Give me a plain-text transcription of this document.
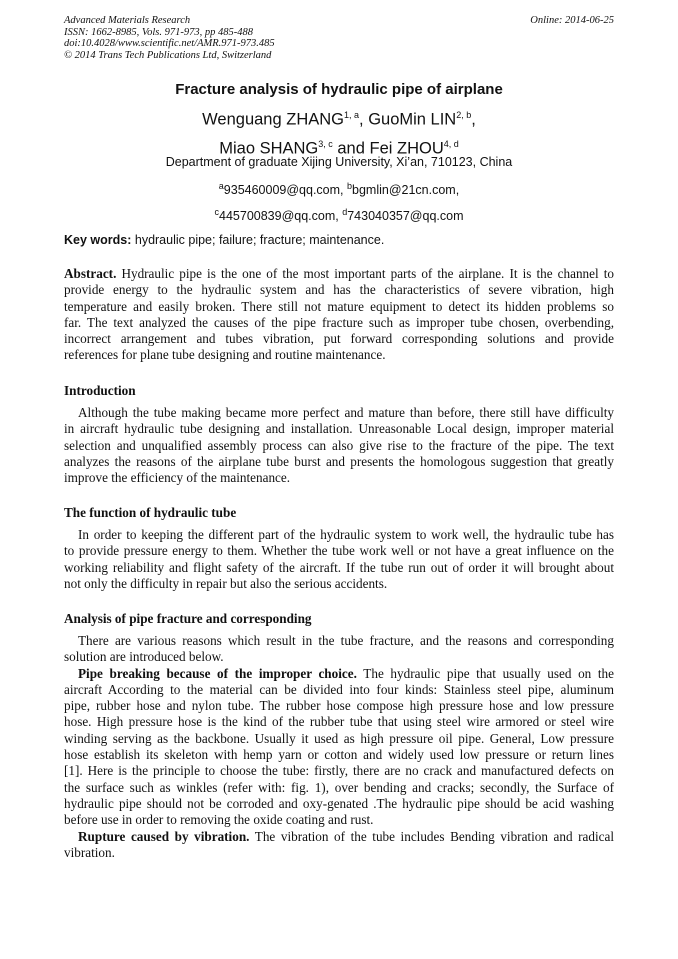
Advanced Materials Research
ISSN: 1662-8985, Vols. 971-973, pp 485-488
doi:10.4028/www.scientific.net/AMR.971-973.485
© 2014 Trans Tech Publications Ltd, Switzerland
Online: 2014-06-25
Fracture analysis of hydraulic pipe of airplane
Wenguang ZHANG$^{1, a}$, GuoMin LIN$^{2, b}$,
Miao SHANG$^{3, c}$ and Fei ZHOU$^{4, d}$
Department of graduate Xijing University, Xi’an, 710123, China
$^a$935460009@qq.com, $^b$bgmlin@21cn.com,
$^c$445700839@qq.com, $^d$743040357@qq.com
Key words: hydraulic pipe; failure; fracture; maintenance.
Abstract. Hydraulic pipe is the one of the most important parts of the airplane. It is the channel to
provide energy to the hydraulic system and has the characteristics of severe vibration, high
temperature and easily broken. There still not mature equipment to detect its hidden problems so
far. The text analyzed the causes of the pipe fracture such as improper tube chosen, overbending,
incorrect arrangement and tubes vibration, put forward corresponding solutions and provide
references for plane tube designing and routine maintenance.
Introduction
Although the tube making became more perfect and mature than before, there still have difficulty
in aircraft hydraulic tube designing and installation. Unreasonable Local design, improper material
selection and unqualified assembly process can also give rise to the fracture of the pipe. The text
analyzes the reasons of the airplane tube burst and presents the homologous suggestion that greatly
improve the efficiency of the maintenance.
The function of hydraulic tube
In order to keeping the different part of the hydraulic system to work well, the hydraulic tube has
to provide pressure energy to them. Whether the tube work well or not have a great influence on the
working reliability and flight safety of the aircraft. If the tube run out of order it will brought about
not only the difficulty in repair but also the serious accidents.
Analysis of pipe fracture and corresponding
There are various reasons which result in the tube fracture, and the reasons and corresponding
solution are introduced below.
Pipe breaking because of the improper choice. The hydraulic pipe that usually used on the
aircraft According to the material can be divided into four kinds: Stainless steel pipe, aluminum
pipe, rubber hose and nylon tube. The rubber hose compose high pressure hose and low pressure
hose. High pressure hose is the kind of the rubber tube that using steel wire armored or steel wire
winding serving as the backbone. Usually it used as high pressure oil pipe. General, Low pressure
hose establish its skeleton with hemp yarn or cotton and widely used low pressure or return lines
[1]. Here is the principle to choose the tube: firstly, there are no crack and manufactured defects on
the surface such as winkles (refer with: fig. 1), over bending and cracks; secondly, the Surface of
hydraulic pipe should not be corroded and oxy-genated .The hydraulic pipe should be acid washing
before use in order to removing the oxide coating and rust.
Rupture caused by vibration. The vibration of the tube includes Bending vibration and radical
vibration.
